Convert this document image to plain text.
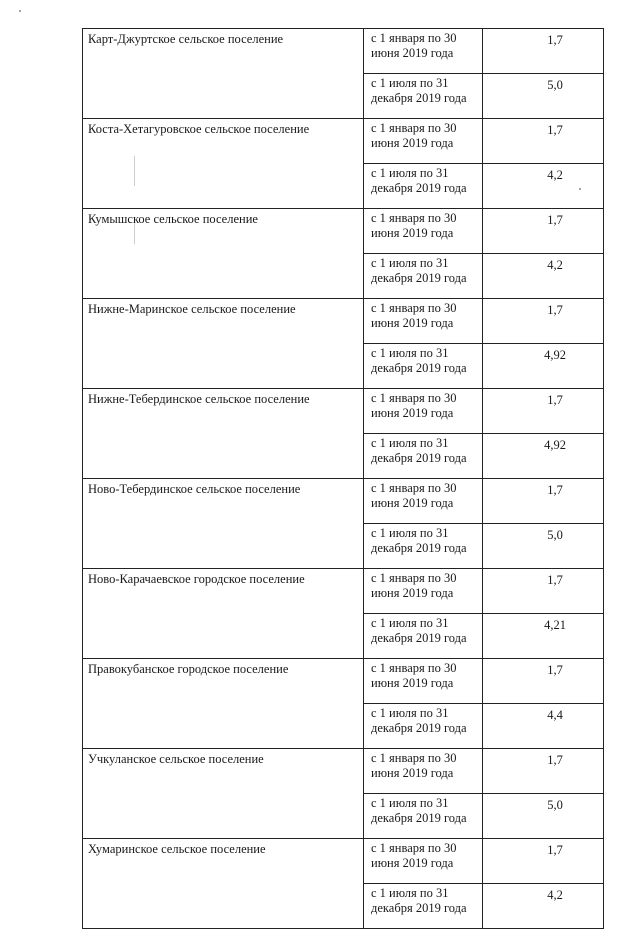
Карт-Джуртское сельское поселение	с 1 января по 30 июня 2019 года	1,7
	с 1 июля по 31 декабря 2019 года	5,0
Коста-Хетагуровское сельское поселение	с 1 января по 30 июня 2019 года	1,7
	с 1 июля по 31 декабря 2019 года	4,2
Кумышское сельское поселение	с 1 января по 30 июня 2019 года	1,7
	с 1 июля по 31 декабря 2019 года	4,2
Нижне-Маринское сельское поселение	с 1 января по 30 июня 2019 года	1,7
	с 1 июля по 31 декабря 2019 года	4,92
Нижне-Тебердинское сельское поселение	с 1 января по 30 июня 2019 года	1,7
	с 1 июля по 31 декабря 2019 года	4,92
Ново-Тебердинское сельское поселение	с 1 января по 30 июня 2019 года	1,7
	с 1 июля по 31 декабря 2019 года	5,0
Ново-Карачаевское городское поселение	с 1 января по 30 июня 2019 года	1,7
	с 1 июля по 31 декабря 2019 года	4,21
Правокубанское городское поселение	с 1 января по 30 июня 2019 года	1,7
	с 1 июля по 31 декабря 2019 года	4,4
Учкуланское сельское поселение	с 1 января по 30 июня 2019 года	1,7
	с 1 июля по 31 декабря 2019 года	5,0
Хумаринское сельское поселение	с 1 января по 30 июня 2019 года	1,7
	с 1 июля по 31 декабря 2019 года	4,2
